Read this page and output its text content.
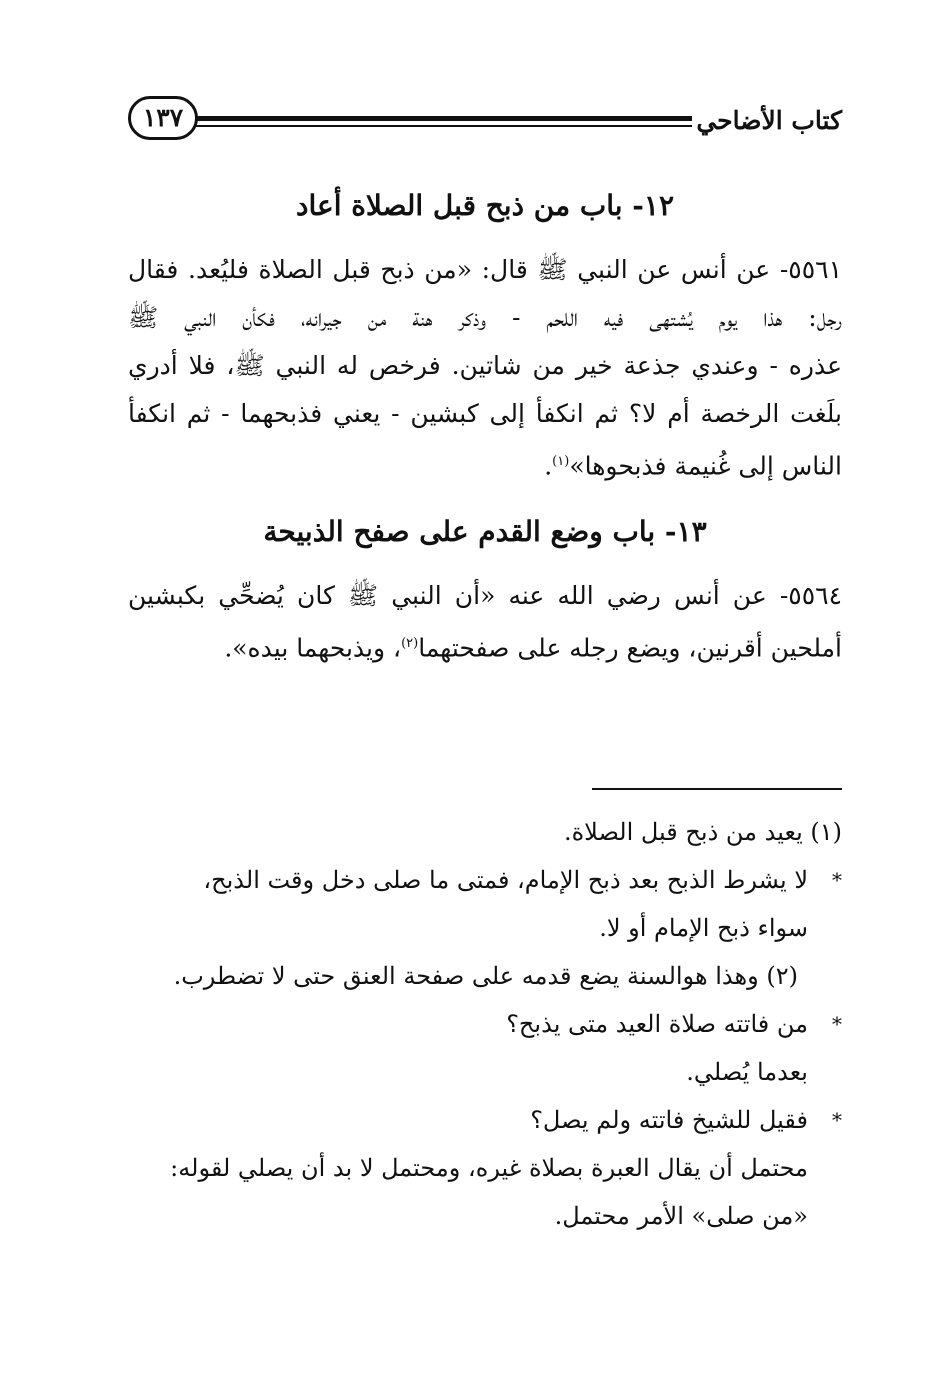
كتاب الأضاحي
١٣٧
١٢- باب من ذبح قبل الصلاة أعاد
٥٥٦١- عن أنس عن النبي ﷺ قال: «من ذبح قبل الصلاة فليُعد. فقال
رجل: هذا يوم يُشتهى فيه اللحم - وذكر هنة من جيرانه، فكأن النبي ﷺ
عذره - وعندي جذعة خير من شاتين. فرخص له النبي ﷺ، فلا أدري
بلَغت الرخصة أم لا؟ ثم انكفأ إلى كبشين - يعني فذبحهما - ثم انكفأ
الناس إلى غُنيمة فذبحوها»$^{(١)}$.
١٣- باب وضع القدم على صفح الذبيحة
٥٥٦٤- عن أنس رضي الله عنه «أن النبي ﷺ كان يُضحِّي بكبشين
أملحين أقرنين، ويضع رجله على صفحتهما$^{(٢)}$، ويذبحهما بيده».
(١) يعيد من ذبح قبل الصلاة.
*لا يشرط الذبح بعد ذبح الإمام، فمتى ما صلى دخل وقت الذبح،
سواء ذبح الإمام أو لا.
(٢) وهذا هوالسنة يضع قدمه على صفحة العنق حتى لا تضطرب.
*من فاتته صلاة العيد متى يذبح؟
بعدما يُصلي.
*فقيل للشيخ فاتته ولم يصل؟
محتمل أن يقال العبرة بصلاة غيره، ومحتمل لا بد أن يصلي لقوله:
«من صلى» الأمر محتمل.
